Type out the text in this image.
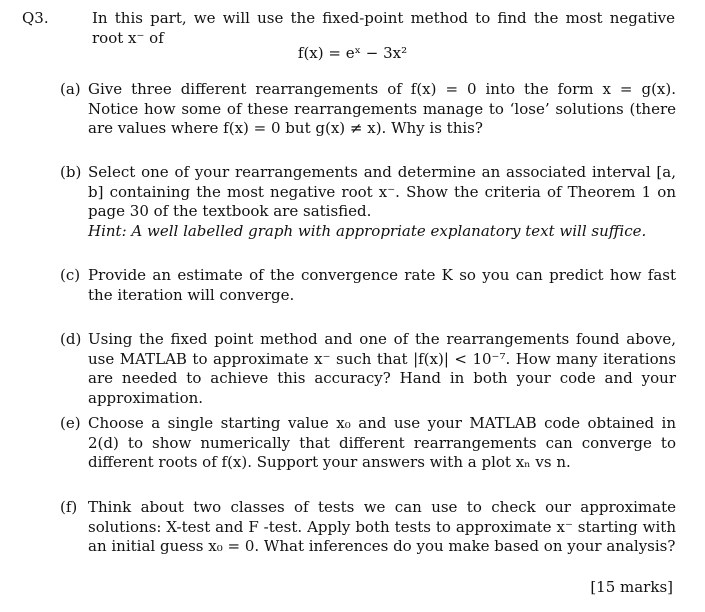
Q3.	In this part, we will use the fixed-point method to find the most negative root x⁻ of
f(x) = eˣ − 3x²
(a) Give three different rearrangements of f(x) = 0 into the form x = g(x). Notice how some of these rearrangements manage to ‘lose’ solutions (there are values where f(x) = 0 but g(x) ≠ x). Why is this?
(b) Select one of your rearrangements and determine an associated interval [a, b] containing the most negative root x⁻. Show the criteria of Theorem 1 on page 30 of the textbook are satisfied.
Hint: A well labelled graph with appropriate explanatory text will suffice.
(c) Provide an estimate of the convergence rate K so you can predict how fast the iteration will converge.
(d) Using the fixed point method and one of the rearrangements found above, use MATLAB to approximate x⁻ such that |f(x)| < 10⁻⁷. How many iterations are needed to achieve this accuracy? Hand in both your code and your approximation.
(e) Choose a single starting value x₀ and use your MATLAB code obtained in 2(d) to show numerically that different rearrangements can converge to different roots of f(x). Support your answers with a plot xₙ vs n.
(f) Think about two classes of tests we can use to check our approximate solutions: X-test and F -test. Apply both tests to approximate x⁻ starting with an initial guess x₀ = 0. What inferences do you make based on your analysis?
[15 marks]
